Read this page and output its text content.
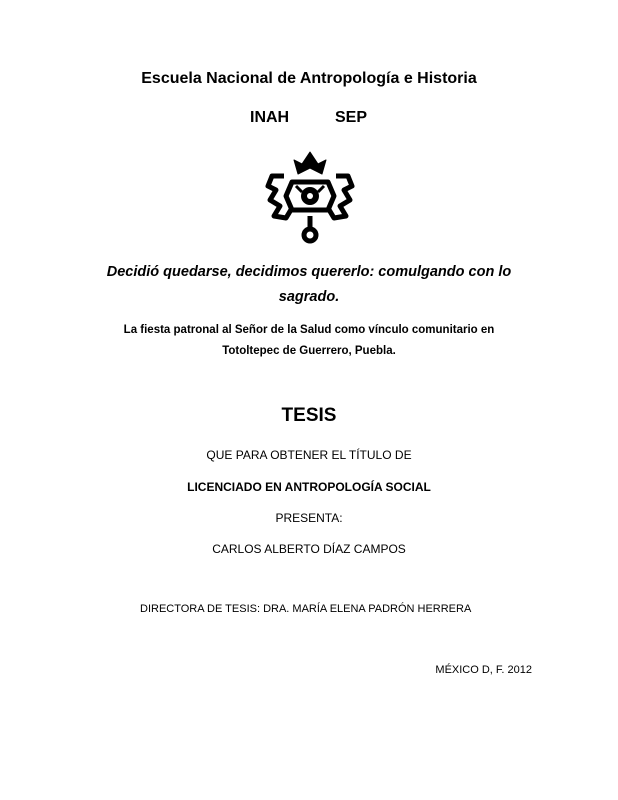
Escuela Nacional de Antropología e Historia
INAH	SEP
Decidió quedarse, decidimos quererlo: comulgando con lo
sagrado.
La fiesta patronal al Señor de la Salud como vínculo comunitario en
Totoltepec de Guerrero, Puebla.
TESIS
QUE PARA OBTENER EL TÍTULO DE
LICENCIADO EN ANTROPOLOGÍA SOCIAL
PRESENTA:
CARLOS ALBERTO DÍAZ CAMPOS
DIRECTORA DE TESIS: DRA. MARÍA ELENA PADRÓN HERRERA
MÉXICO D, F. 2012
